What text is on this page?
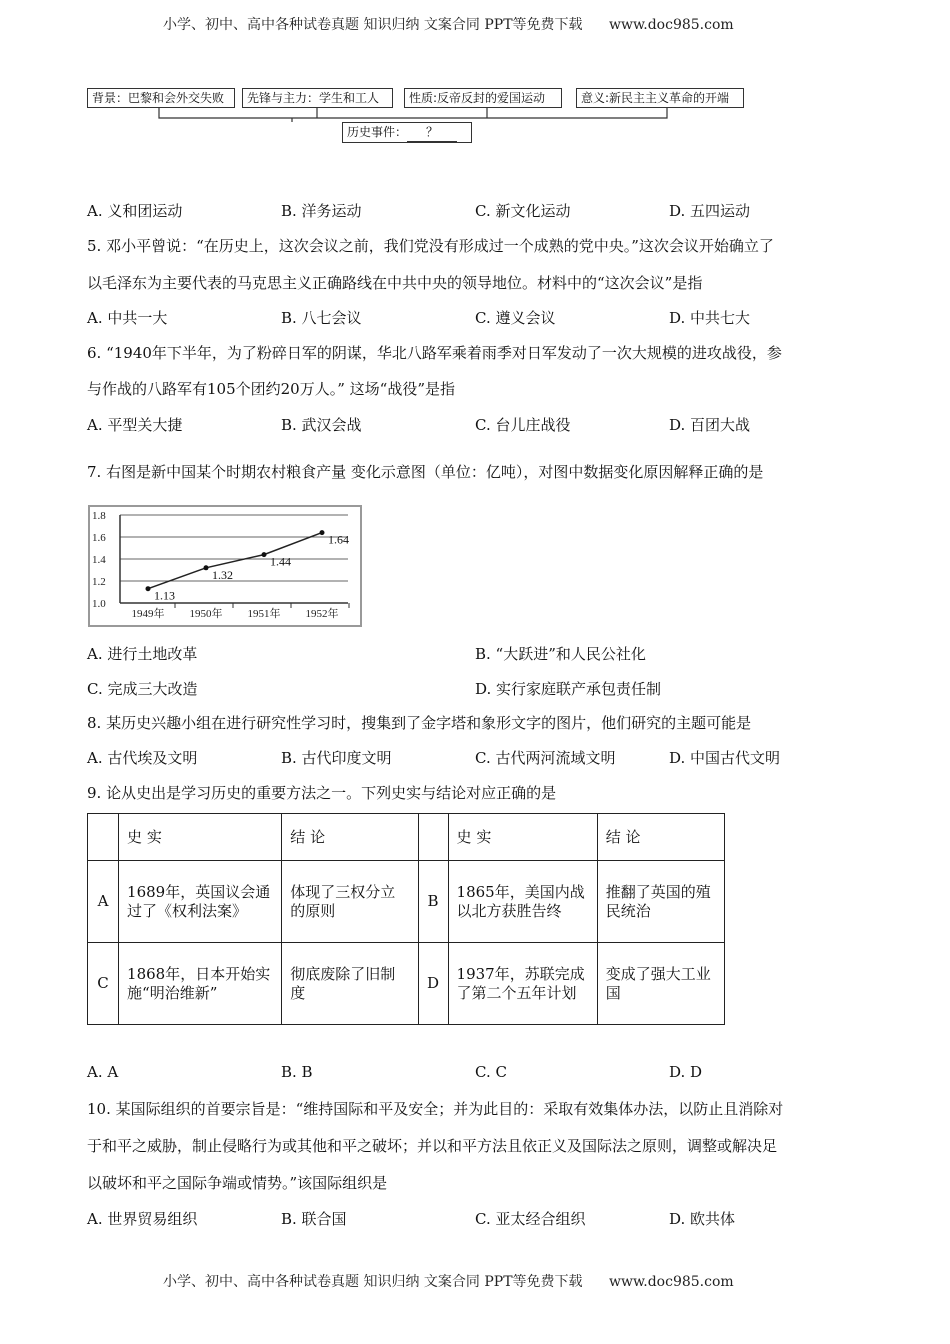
小学、初中、高中各种试卷真题 知识归纳 文案合同 PPT等免费下载 www.doc985.com
背景：巴黎和会外交失败	先锋与主力：学生和工人	性质:反帝反封的爱国运动	意义:新民主主义革命的开端
历史事件： ？
A. 义和团运动	B. 洋务运动	C. 新文化运动	D. 五四运动
5. 邓小平曾说：“在历史上，这次会议之前，我们党没有形成过一个成熟的党中央。”这次会议开始确立了
以毛泽东为主要代表的马克思主义正确路线在中共中央的领导地位。材料中的“这次会议”是指
A. 中共一大	B. 八七会议	C. 遵义会议	D. 中共七大
6. “1940年下半年，为了粉碎日军的阴谋，华北八路军乘着雨季对日军发动了一次大规模的进攻战役，参
与作战的八路军有105个团约20万人。” 这场“战役”是指
A. 平型关大捷	B. 武汉会战	C. 台儿庄战役	D. 百团大战
7. 右图是新中国某个时期农村粮食产量 变化示意图（单位：亿吨），对图中数据变化原因解释正确的是
1.8
1.6
1.4
1.2
1.0
1949年 1950年 1951年 1952年
1.13
1.32
1.44
1.64
A. 进行土地改革	B. “大跃进”和人民公社化
C. 完成三大改造	D. 实行家庭联产承包责任制
8. 某历史兴趣小组在进行研究性学习时，搜集到了金字塔和象形文字的图片，他们研究的主题可能是
A. 古代埃及文明	B. 古代印度文明	C. 古代两河流域文明	D. 中国古代文明
9. 论从史出是学习历史的重要方法之一。下列史实与结论对应正确的是
	史 实	结 论		史 实	结 论
A	1689年，英国议会通过了《权利法案》	体现了三权分立的原则	B	1865年，美国内战以北方获胜告终	推翻了英国的殖民统治
C	1868年，日本开始实施“明治维新”	彻底废除了旧制度	D	1937年，苏联完成了第二个五年计划	变成了强大工业国
A. A	B. B	C. C	D. D
10. 某国际组织的首要宗旨是：“维持国际和平及安全；并为此目的：采取有效集体办法，以防止且消除对
于和平之威胁，制止侵略行为或其他和平之破坏；并以和平方法且依正义及国际法之原则，调整或解决足
以破坏和平之国际争端或情势。”该国际组织是
A. 世界贸易组织	B. 联合国	C. 亚太经合组织	D. 欧共体
小学、初中、高中各种试卷真题 知识归纳 文案合同 PPT等免费下载 www.doc985.com
